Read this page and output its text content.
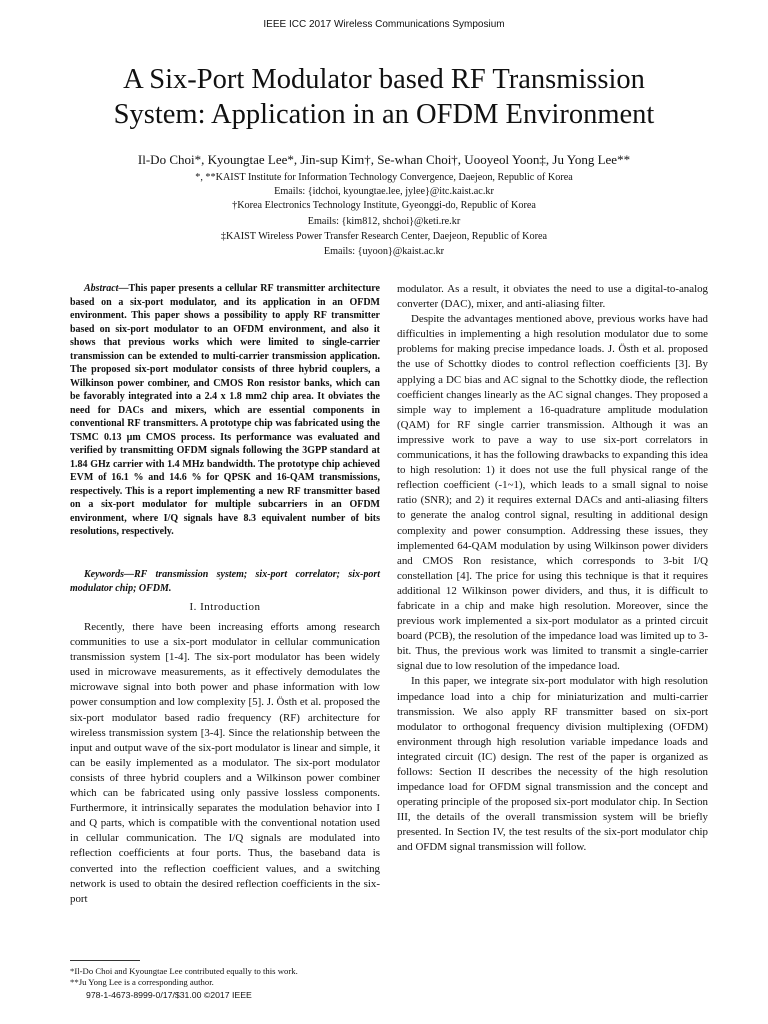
IEEE ICC 2017 Wireless Communications Symposium
A Six-Port Modulator based RF Transmission
System: Application in an OFDM Environment
Il-Do Choi*, Kyoungtae Lee*, Jin-sup Kim†, Se-whan Choi†, Uooyeol Yoon‡, Ju Yong Lee**
*, **KAIST Institute for Information Technology Convergence, Daejeon, Republic of Korea
Emails: {idchoi, kyoungtae.lee, jylee}@itc.kaist.ac.kr
†Korea Electronics Technology Institute, Gyeonggi-do, Republic of Korea
Emails: {kim812, shchoi}@keti.re.kr
‡KAIST Wireless Power Transfer Research Center, Daejeon, Republic of Korea
Emails: {uyoon}@kaist.ac.kr

Abstract—This paper presents a cellular RF transmitter architecture based on a six-port modulator, and its application in an OFDM environment. This paper shows a possibility to apply RF transmitter based on six-port modulator to an OFDM environment, and also it shows that previous works which were limited to single-carrier transmission can be extended to multi-carrier transmission application. The proposed six-port modulator consists of three hybrid couplers, a Wilkinson power combiner, and CMOS Ron resistor banks, which can be favorably integrated into a 2.4 x 1.8 mm2 chip area. It obviates the need for DACs and mixers, which are essential components in conventional RF transmitters. A prototype chip was fabricated using the TSMC 0.13 µm CMOS process. Its performance was evaluated and verified by transmitting OFDM signals following the 3GPP standard at 1.84 GHz carrier with 1.4 MHz bandwidth. The prototype chip achieved EVM of 16.1 % and 14.6 % for QPSK and 16-QAM transmissions, respectively. This is a report implementing a new RF transmitter based on a six-port modulator for multiple subcarriers in an OFDM environment, where I/Q signals have 8.3 equivalent number of bits resolutions, respectively.

Keywords—RF transmission system; six-port correlator; six-port modulator chip; OFDM.

I. Introduction

Recently, there have been increasing efforts among research communities to use a six-port modulator in cellular communication transmission system [1-4]. The six-port modulator has been widely used in microwave measurements, as it effectively demodulates the microwave signal into both power and phase information with low power consumption and low complexity [5]. J. Östh et al. proposed the six-port modulator based radio frequency (RF) architecture for wireless transmission system [3-4]. Since the relationship between the input and output wave of the six-port modulator is linear and simple, it can be easily implemented as a modulator. The six-port modulator consists of three hybrid couplers and a Wilkinson power combiner which can be fabricated using only passive lossless components. Furthermore, it intrinsically separates the modulation behavior into I and Q parts, which is compatible with the conventional notation used in cellular communication. The I/Q signals are modulated into reflection coefficients at four ports. Thus, the baseband data is converted into the reflection coefficient values, and a switching network is used to obtain the desired reflection coefficients in the six-port

modulator. As a result, it obviates the need to use a digital-to-analog converter (DAC), mixer, and anti-aliasing filter.

Despite the advantages mentioned above, previous works have had difficulties in implementing a high resolution modulator due to some problems for making precise impedance loads. J. Östh et al. proposed the use of Schottky diodes to control reflection coefficients [3]. By applying a DC bias and AC signal to the Schottky diode, the reflection coefficient changes linearly as the AC signal changes. They proposed a simple way to implement a 16-quadrature amplitude modulation (QAM) for RF single carrier transmission. Although it was an impressive work to pave a way to use six-port correlators in communications, it has the following drawbacks to expanding this idea to high resolution: 1) it does not use the full physical range of the reflection coefficient (-1~1), which leads to a small signal to noise ratio (SNR); and 2) it requires external DACs and anti-aliasing filters to generate the analog control signal, resulting in additional design complexity and power consumption. Addressing these issues, they implemented 64-QAM modulation by using Wilkinson power dividers and CMOS Ron resistance, which corresponds to 3-bit I/Q constellation [4]. The price for using this technique is that it requires additional 12 Wilkinson power dividers, and thus, it is difficult to fabricate in a chip and make high resolution. Moreover, since the previous work implemented a six-port modulator as a printed circuit board (PCB), the resolution of the impedance load was limited up to 3-bit. Thus, the previous work was limited to transmit a single-carrier signal due to low resolution of the impedance load.

In this paper, we integrate six-port modulator with high resolution impedance load into a chip for miniaturization and multi-carrier transmission. We also apply RF transmitter based on six-port modulator to orthogonal frequency division multiplexing (OFDM) environment through high resolution variable impedance loads and integrated circuit (IC) design. The rest of the paper is organized as follows: Section II describes the necessity of the high resolution impedance load for OFDM signal transmission and the concept and operating principle of the proposed six-port modulator chip. In Section III, the details of the overall transmission system will be briefly presented. In Section IV, the test results of the six-port modulator chip and OFDM signal transmission will follow.

*Il-Do Choi and Kyoungtae Lee contributed equally to this work.
**Ju Yong Lee is a corresponding author.
978-1-4673-8999-0/17/$31.00 ©2017 IEEE
